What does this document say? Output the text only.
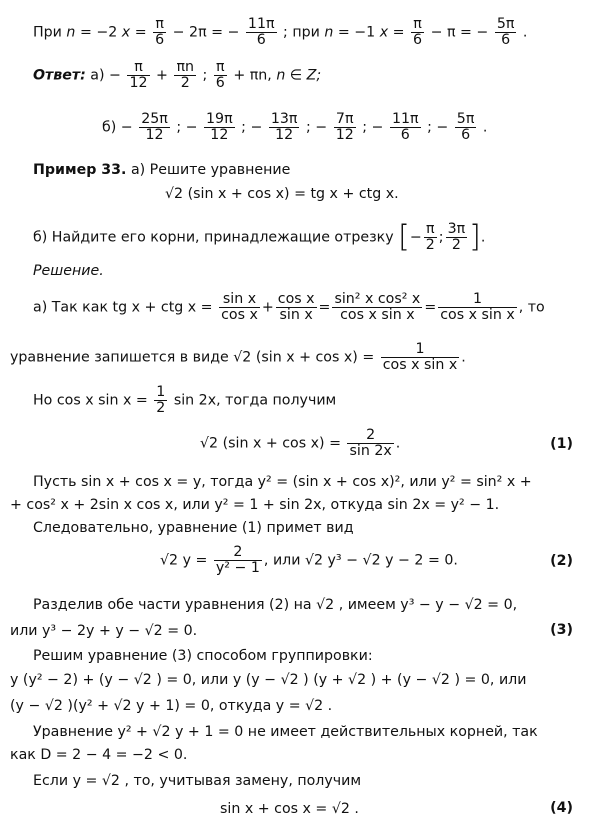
При n = −2 $x = \frac{\pi}{6} - 2\pi$ = − $\frac{11\pi}{6}$ ; при n = −1 $x = \frac{\pi}{6} - \pi$ = − $\frac{5\pi}{6}$ .
Ответ: $а) - \frac{\pi}{12} + \frac{\pi n}{2}$ ; $\frac{\pi}{6} + \pi n$, n ∈ Z;
$б) - \frac{25\pi}{12}$ ; − $\frac{19\pi}{12}$ ; − $\frac{13\pi}{12}$ ; − $\frac{7\pi}{12}$ ; − $\frac{11\pi}{6}$ ; − $\frac{5\pi}{6}$ .
Пример 33. а) Решите уравнение
√2 (sin x + cos x) = tg x + ctg x.
б) Найдите его корни, принадлежащие отрезку [− $\frac{\pi}{2}$ ; $\frac{3\pi}{2}$ ].
Решение.
а) Так как tg x + ctg $x = \frac{\text{sin x}}{\text{cos x}} + \frac{\text{cos x}}{\text{sin x}} = \frac{\text{sin² x cos² x}}{\text{cos x sin x}} = \frac{1}{\text{cos x sin x}}$ , то
уравнение запишется в виде √2 (sin $x + \cos x) = \frac{1}{\text{cos x sin x}}$ .
Но cos x $\sin x = \frac{1}{2}$ sin 2x, тогда получим
√2 (sin $x + \cos x) = \frac{2}{\sin 2x}$ .	(1)
Пусть sin x + cos x = y, тогда y² = (sin x + cos x)², или y² = sin² x +
+ cos² x + 2sin x cos x, или y² = 1 + sin 2x, откуда sin 2x = y² − 1.
Следовательно, уравнение (1) примет вид
√2 $y = \frac{2}{\text{y² − 1}}$ , или √2 y³ − √2 y − 2 = 0.	(2)
Разделив обе части уравнения (2) на √2 , имеем y³ − y − √2 = 0,
или y³ − 2y + y − √2 = 0.	(3)
Решим уравнение (3) способом группировки:
y (y² − 2) + (y − √2 ) = 0, или y (y − √2 ) (y + √2 ) + (y − √2 ) = 0, или
(y − √2 )(y² + √2 y + 1) = 0, откуда y = √2 .
Уравнение y² + √2 y + 1 = 0 не имеет действительных корней, так
как D = 2 − 4 = −2 < 0.
Если y = √2 , то, учитывая замену, получим
sin x + cos x = √2 .	(4)
